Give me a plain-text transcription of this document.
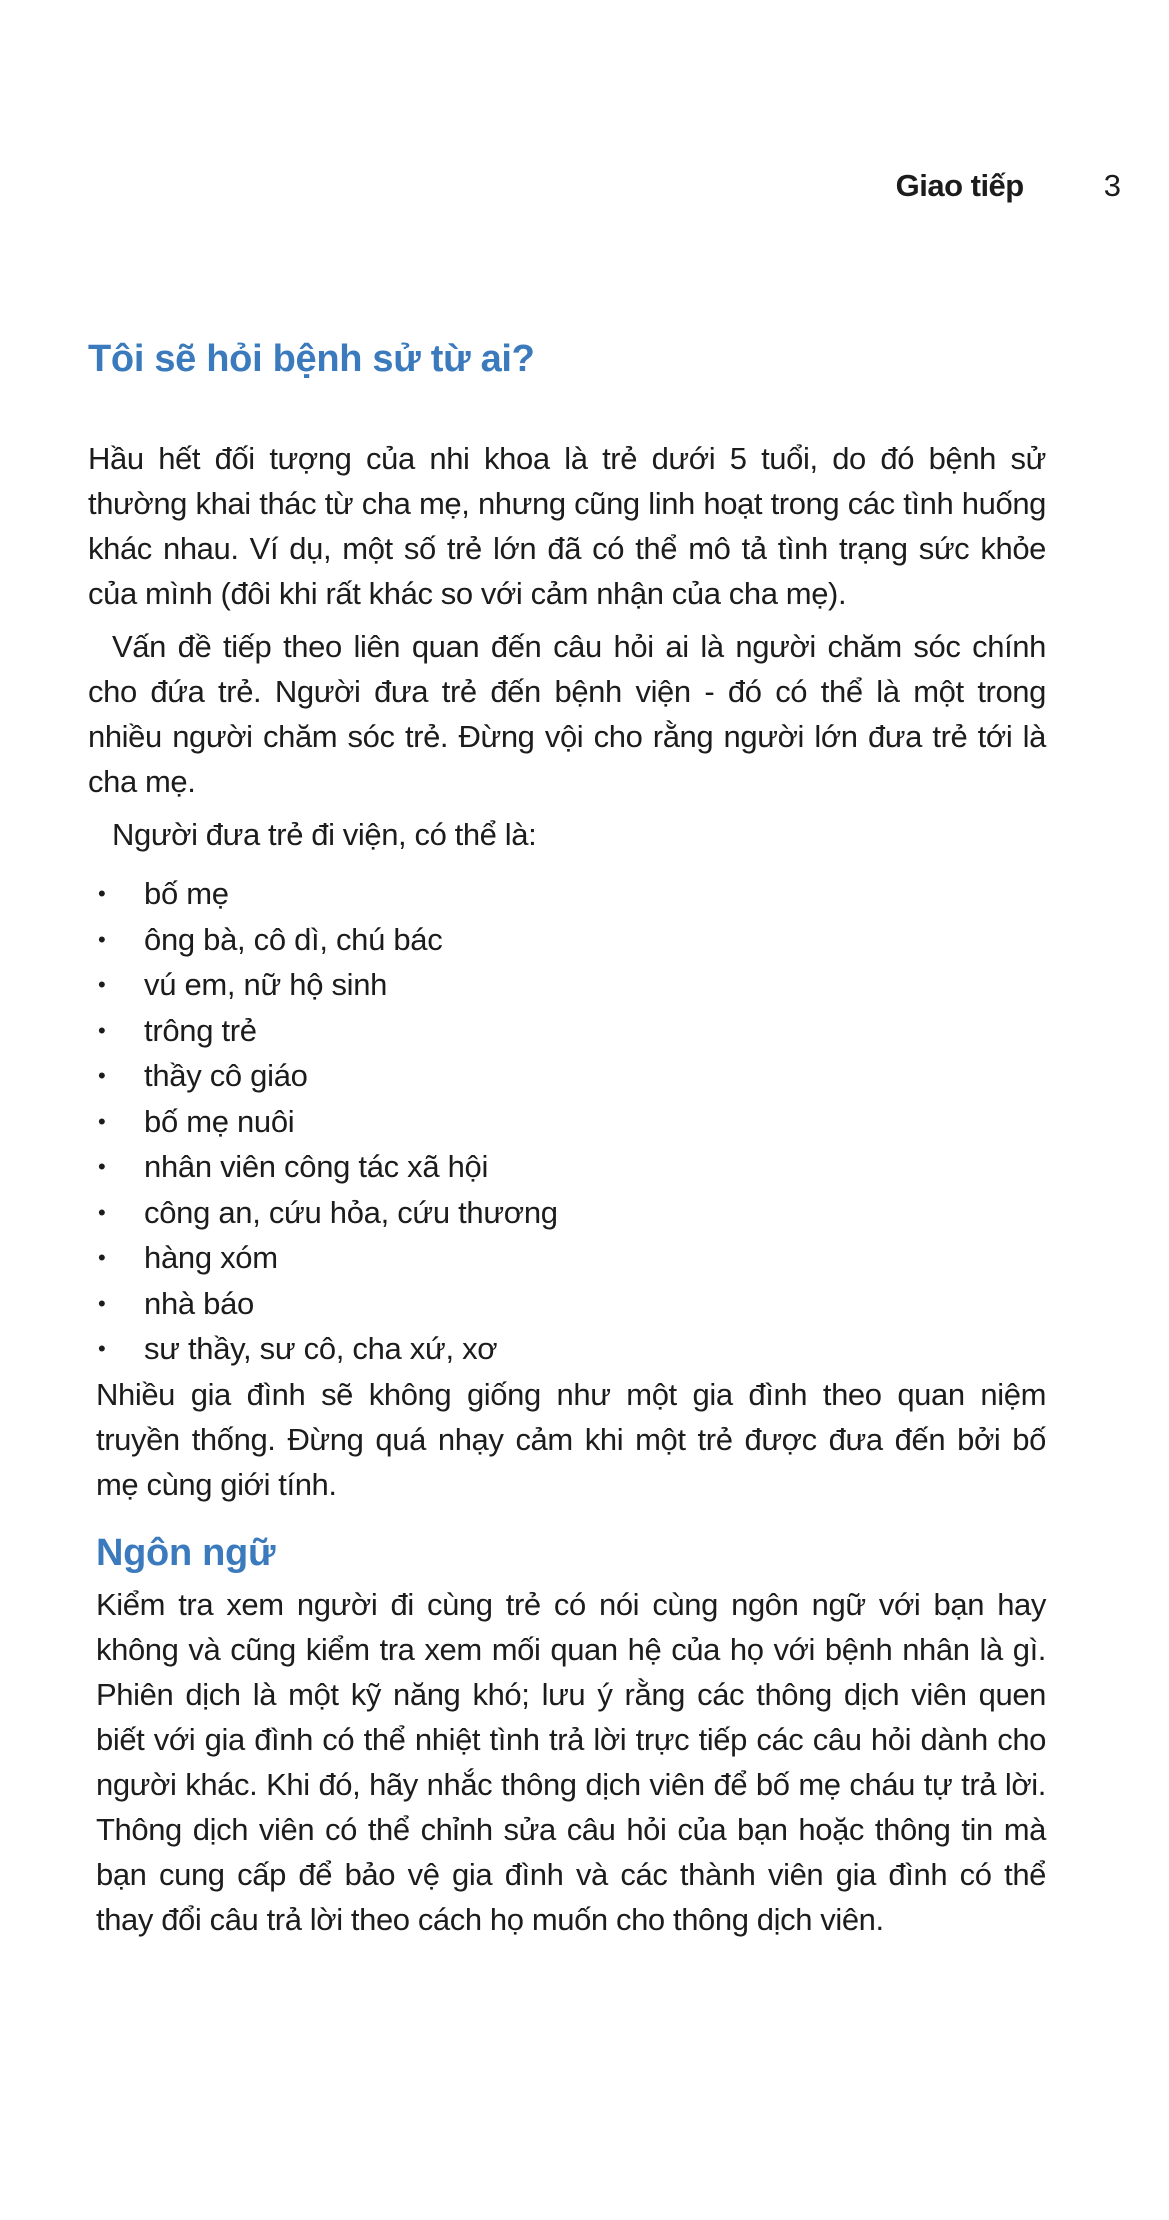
Giao tiếp	3
Tôi sẽ hỏi bệnh sử từ ai?

Hầu hết đối tượng của nhi khoa là trẻ dưới 5 tuổi, do đó bệnh sử thường khai thác từ cha mẹ, nhưng cũng linh hoạt trong các tình huống khác nhau. Ví dụ, một số trẻ lớn đã có thể mô tả tình trạng sức khỏe của mình (đôi khi rất khác so với cảm nhận của cha mẹ).

Vấn đề tiếp theo liên quan đến câu hỏi ai là người chăm sóc chính cho đứa trẻ. Người đưa trẻ đến bệnh viện - đó có thể là một trong nhiều người chăm sóc trẻ. Đừng vội cho rằng người lớn đưa trẻ tới là cha mẹ.

Người đưa trẻ đi viện, có thể là:

• bố mẹ
• ông bà, cô dì, chú bác
• vú em, nữ hộ sinh
• trông trẻ
• thầy cô giáo
• bố mẹ nuôi
• nhân viên công tác xã hội
• công an, cứu hỏa, cứu thương
• hàng xóm
• nhà báo
• sư thầy, sư cô, cha xứ, xơ

Nhiều gia đình sẽ không giống như một gia đình theo quan niệm truyền thống. Đừng quá nhạy cảm khi một trẻ được đưa đến bởi bố mẹ cùng giới tính.

Ngôn ngữ

Kiểm tra xem người đi cùng trẻ có nói cùng ngôn ngữ với bạn hay không và cũng kiểm tra xem mối quan hệ của họ với bệnh nhân là gì. Phiên dịch là một kỹ năng khó; lưu ý rằng các thông dịch viên quen biết với gia đình có thể nhiệt tình trả lời trực tiếp các câu hỏi dành cho người khác. Khi đó, hãy nhắc thông dịch viên để bố mẹ cháu tự trả lời. Thông dịch viên có thể chỉnh sửa câu hỏi của bạn hoặc thông tin mà bạn cung cấp để bảo vệ gia đình và các thành viên gia đình có thể thay đổi câu trả lời theo cách họ muốn cho thông dịch viên.
